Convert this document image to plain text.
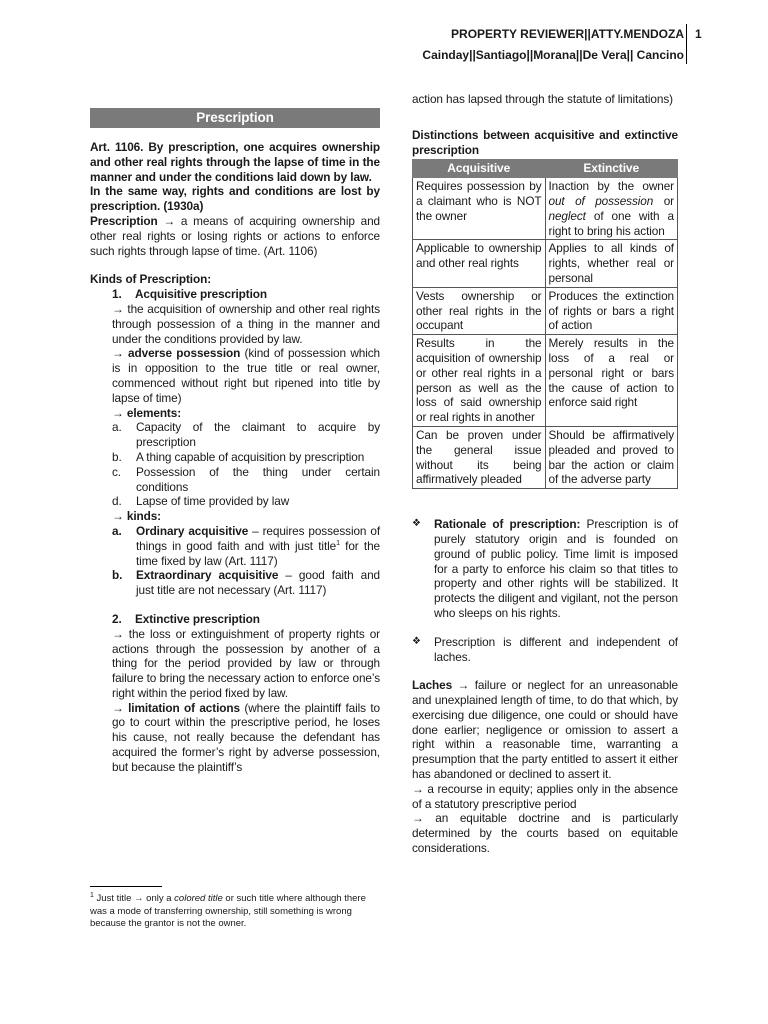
PROPERTY REVIEWER||ATTY.MENDOZA
Cainday||Santiago||Morana||De Vera|| Cancino
1
Prescription

Art. 1106. By prescription, one acquires ownership and other real rights through the lapse of time in the manner and under the conditions laid down by law.

In the same way, rights and conditions are lost by prescription. (1930a)

Prescription → a means of acquiring ownership and other real rights or losing rights or actions to enforce such rights through lapse of time. (Art. 1106)

Kinds of Prescription:

1.	Acquisitive prescription

→ the acquisition of ownership and other real rights through possession of a thing in the manner and under the conditions provided by law.

→ adverse possession (kind of possession which is in opposition to the true title or real owner, commenced without right but ripened into title by lapse of time)

→ elements:

a.	Capacity of the claimant to acquire by prescription
b.	A thing capable of acquisition by prescription
c.	Possession of the thing under certain conditions
d.	Lapse of time provided by law

→ kinds:

a.	Ordinary acquisitive – requires possession of things in good faith and with just title$^1$ for the time fixed by law (Art. 1117)
b.	Extraordinary acquisitive – good faith and just title are not necessary (Art. 1117)
2.	Extinctive prescription

→ the loss or extinguishment of property rights or actions through the possession by another of a thing for the period provided by law or through failure to bring the necessary action to enforce one’s right within the period fixed by law.

→ limitation of actions (where the plaintiff fails to go to court within the prescriptive period, he loses his cause, not really because the defendant has acquired the former’s right by adverse possession, but because the plaintiff’s

$^1$ Just title → only a colored title or such title where although there was a mode of transferring ownership, still something is wrong because the grantor is not the owner.

action has lapsed through the statute of limitations)

Distinctions between acquisitive and extinctive prescription

Acquisitive	Extinctive
Requires possession by a claimant who is NOT the owner	Inaction by the owner out of possession or neglect of one with a right to bring his action
Applicable to ownership and other real rights	Applies to all kinds of rights, whether real or personal
Vests ownership or other real rights in the occupant	Produces the extinction of rights or bars a right of action
Results in the acquisition of ownership or other real rights in a person as well as the loss of said ownership or real rights in another	Merely results in the loss of a real or personal right or bars the cause of action to enforce said right
Can be proven under the general issue without its being affirmatively pleaded	Should be affirmatively pleaded and proved to bar the action or claim of the adverse party
❖	Rationale of prescription: Prescription is of purely statutory origin and is founded on ground of public policy. Time limit is imposed for a party to enforce his claim so that titles to property and other rights will be stabilized. It protects the diligent and vigilant, not the person who sleeps on his rights.
❖	Prescription is different and independent of laches.

Laches → failure or neglect for an unreasonable and unexplained length of time, to do that which, by exercising due diligence, one could or should have done earlier; negligence or omission to assert a right within a reasonable time, warranting a presumption that the party entitled to assert it either has abandoned or declined to assert it.

→ a recourse in equity; applies only in the absence of a statutory prescriptive period

→ an equitable doctrine and is particularly determined by the courts based on equitable considerations.
